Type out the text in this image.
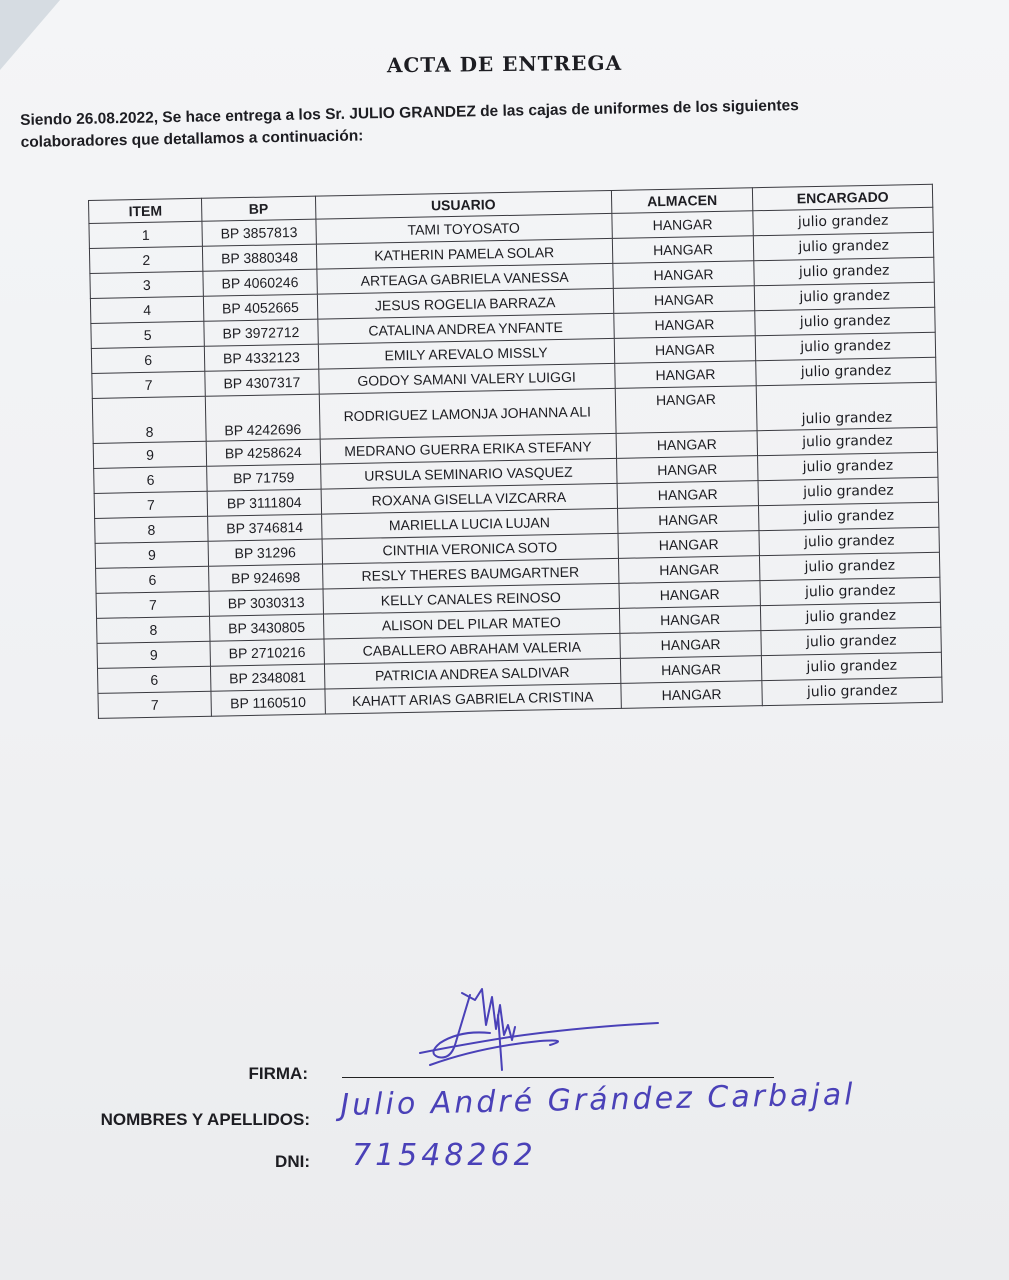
ACTA DE ENTREGA
Siendo 26.08.2022, Se hace entrega a los Sr. JULIO GRANDEZ de las cajas de uniformes de los siguientes
colaboradores que detallamos a continuación:
ITEM	BP	USUARIO	ALMACEN	ENCARGADO
1	BP 3857813	TAMI TOYOSATO	HANGAR	julio grandez
2	BP 3880348	KATHERIN PAMELA SOLAR	HANGAR	julio grandez
3	BP 4060246	ARTEAGA GABRIELA VANESSA	HANGAR	julio grandez
4	BP 4052665	JESUS ROGELIA BARRAZA	HANGAR	julio grandez
5	BP 3972712	CATALINA ANDREA YNFANTE	HANGAR	julio grandez
6	BP 4332123	EMILY AREVALO MISSLY	HANGAR	julio grandez
7	BP 4307317	GODOY SAMANI VALERY LUIGGI	HANGAR	julio grandez
8	BP 4242696	RODRIGUEZ LAMONJA JOHANNA ALI	HANGAR	julio grandez
9	BP 4258624	MEDRANO GUERRA ERIKA STEFANY	HANGAR	julio grandez
6	BP 71759	URSULA SEMINARIO VASQUEZ	HANGAR	julio grandez
7	BP 3111804	ROXANA GISELLA VIZCARRA	HANGAR	julio grandez
8	BP 3746814	MARIELLA LUCIA LUJAN	HANGAR	julio grandez
9	BP 31296	CINTHIA VERONICA SOTO	HANGAR	julio grandez
6	BP 924698	RESLY THERES BAUMGARTNER	HANGAR	julio grandez
7	BP 3030313	KELLY CANALES REINOSO	HANGAR	julio grandez
8	BP 3430805	ALISON DEL PILAR MATEO	HANGAR	julio grandez
9	BP 2710216	CABALLERO ABRAHAM VALERIA	HANGAR	julio grandez
6	BP 2348081	PATRICIA ANDREA SALDIVAR	HANGAR	julio grandez
7	BP 1160510	KAHATT ARIAS GABRIELA CRISTINA	HANGAR	julio grandez
FIRMA:
NOMBRES Y APELLIDOS: Julio André Grández Carbajal
DNI: 71548262
